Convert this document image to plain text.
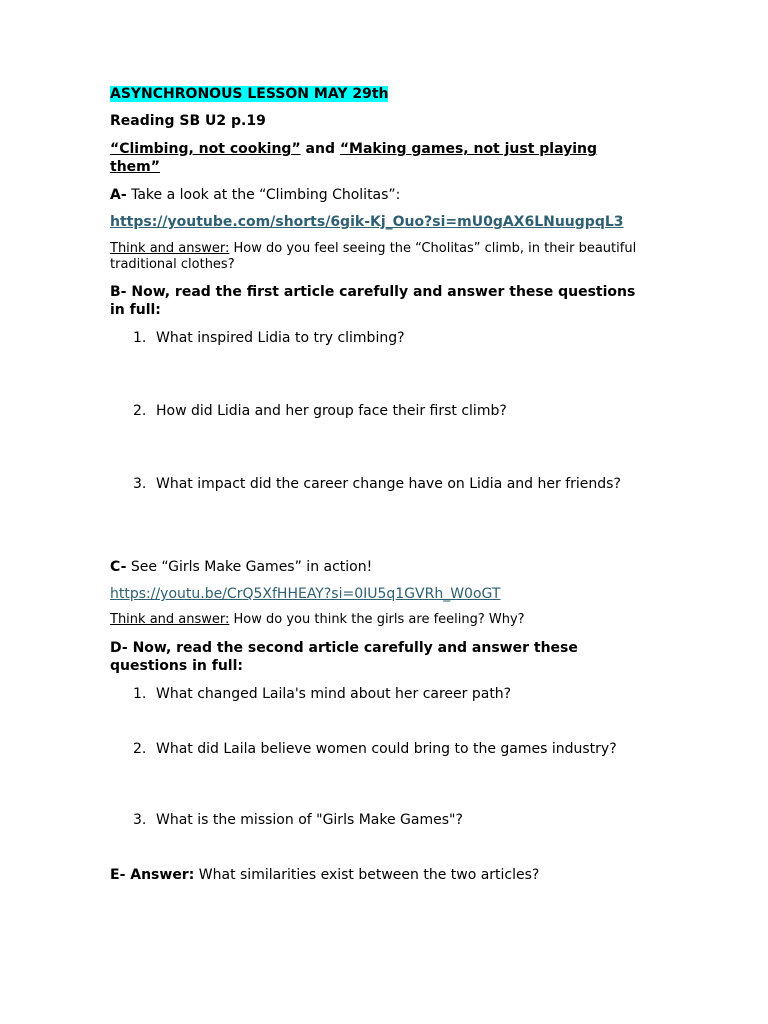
ASYNCHRONOUS LESSON MAY 29th

Reading SB U2 p.19

“Climbing, not cooking” and “Making games, not just playing them”

A- Take a look at the “Climbing Cholitas”:

https://youtube.com/shorts/6gik-Kj_Ouo?si=mU0gAX6LNuugpqL3

Think and answer: How do you feel seeing the “Cholitas” climb, in their beautiful traditional clothes?

B- Now, read the first article carefully and answer these questions in full:

1. What inspired Lidia to try climbing?
2. How did Lidia and her group face their first climb?
3. What impact did the career change have on Lidia and her friends?

C- See “Girls Make Games” in action!

https://youtu.be/CrQ5XfHHEAY?si=0IU5q1GVRh_W0oGT

Think and answer: How do you think the girls are feeling? Why?

D- Now, read the second article carefully and answer these questions in full:

1. What changed Laila's mind about her career path?
2. What did Laila believe women could bring to the games industry?
3. What is the mission of "Girls Make Games"?

E- Answer: What similarities exist between the two articles?
